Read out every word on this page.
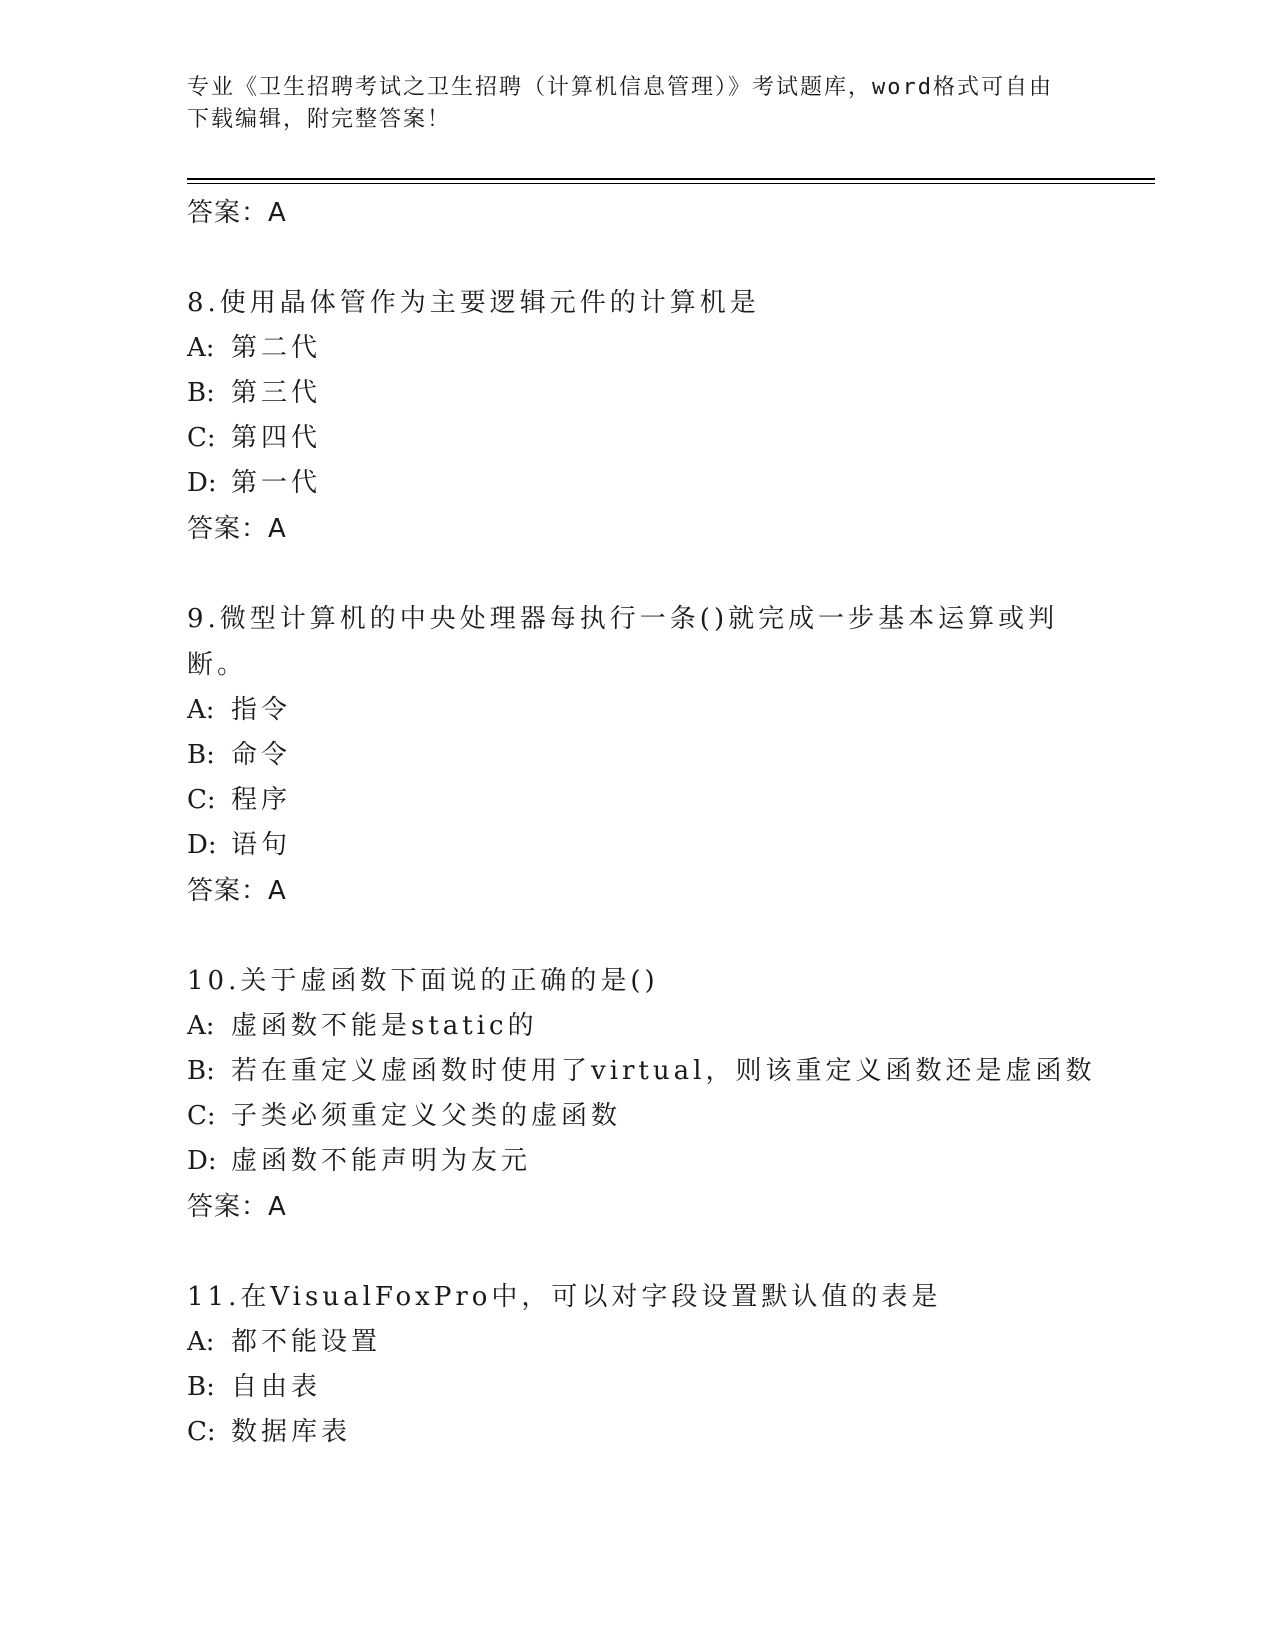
专业《卫生招聘考试之卫生招聘（计算机信息管理）》考试题库，word格式可自由下载编辑，附完整答案！
答案：A
8.使用晶体管作为主要逻辑元件的计算机是
A: 第二代
B: 第三代
C: 第四代
D: 第一代
答案：A
9.微型计算机的中央处理器每执行一条()就完成一步基本运算或判断。
A: 指令
B: 命令
C: 程序
D: 语句
答案：A
10.关于虚函数下面说的正确的是()
A: 虚函数不能是static的
B: 若在重定义虚函数时使用了virtual，则该重定义函数还是虚函数
C: 子类必须重定义父类的虚函数
D: 虚函数不能声明为友元
答案：A
11.在VisualFoxPro中，可以对字段设置默认值的表是
A: 都不能设置
B: 自由表
C: 数据库表
